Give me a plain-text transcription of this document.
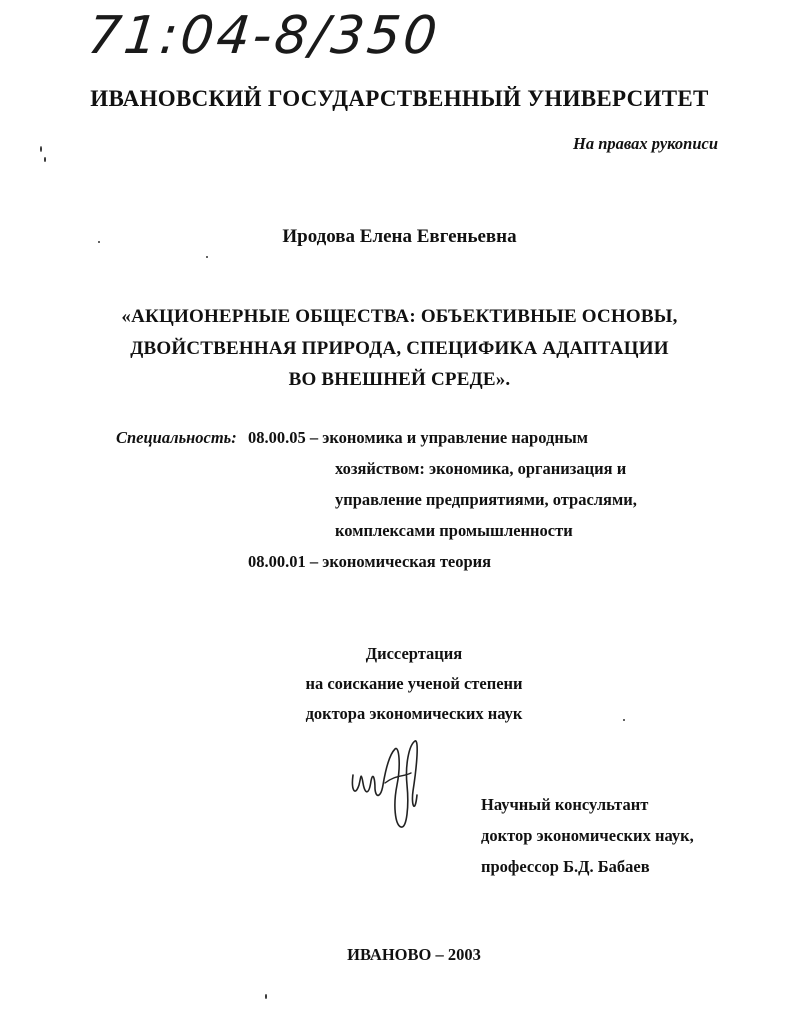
71:04-8/350
ИВАНОВСКИЙ ГОСУДАРСТВЕННЫЙ УНИВЕРСИТЕТ
На правах рукописи
Иродова Елена Евгеньевна
«АКЦИОНЕРНЫЕ ОБЩЕСТВА: ОБЪЕКТИВНЫЕ ОСНОВЫ,
ДВОЙСТВЕННАЯ ПРИРОДА, СПЕЦИФИКА АДАПТАЦИИ
ВО ВНЕШНЕЙ СРЕДЕ».
Специальность: 08.00.05 – экономика и управление народным
хозяйством: экономика, организация и
управление предприятиями, отраслями,
комплексами промышленности
08.00.01 – экономическая теория
Диссертация
на соискание ученой степени
доктора экономических наук
Научный консультант
доктор экономических наук,
профессор Б.Д. Бабаев
ИВАНОВО – 2003
